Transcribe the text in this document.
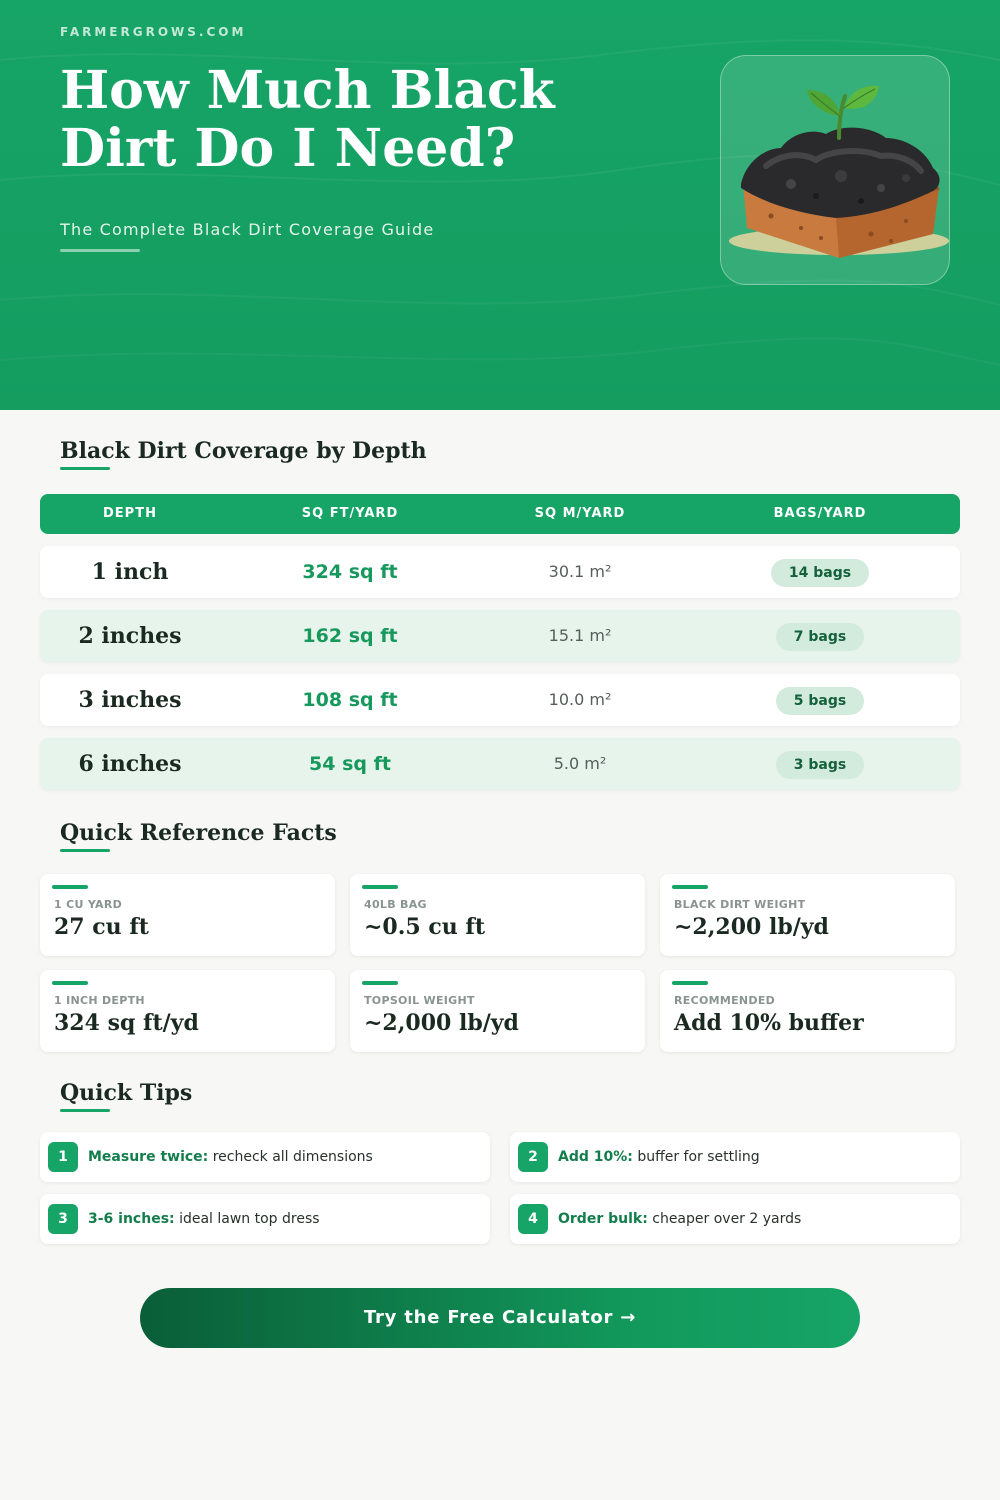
FARMERGROWS.COM
How Much Black Dirt Do I Need?
The Complete Black Dirt Coverage Guide
Black Dirt Coverage by Depth
DEPTH	SQ FT/YARD	SQ M/YARD	BAGS/YARD
1 inch	324 sq ft	30.1 m²	14 bags
2 inches	162 sq ft	15.1 m²	7 bags
3 inches	108 sq ft	10.0 m²	5 bags
6 inches	54 sq ft	5.0 m²	3 bags
Quick Reference Facts
1 CU YARD
27 cu ft
40LB BAG
~0.5 cu ft
BLACK DIRT WEIGHT
~2,200 lb/yd
1 INCH DEPTH
324 sq ft/yd
TOPSOIL WEIGHT
~2,000 lb/yd
RECOMMENDED
Add 10% buffer
Quick Tips
1	Measure twice: recheck all dimensions	2	Add 10%: buffer for settling
3	3-6 inches: ideal lawn top dress	4	Order bulk: cheaper over 2 yards
Try the Free Calculator →
